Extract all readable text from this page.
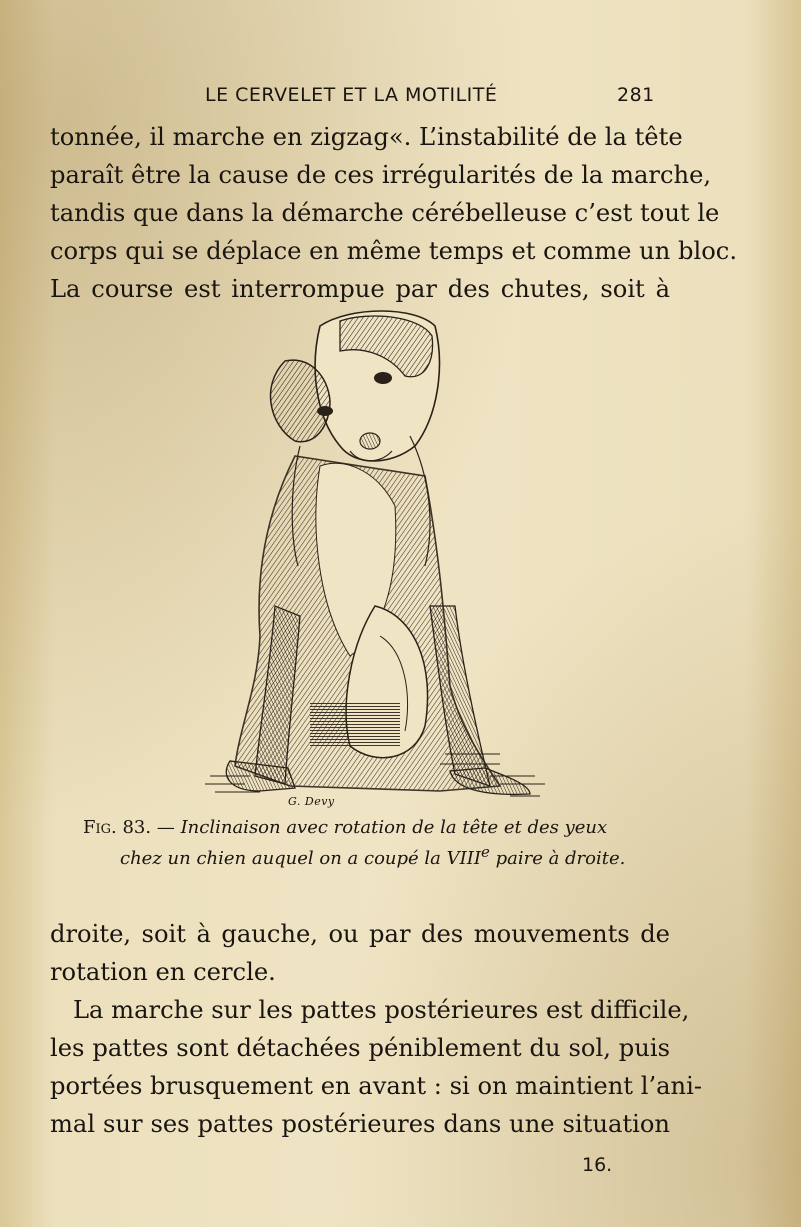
LE CERVELET ET LA MOTILITÉ	281

tonnée, il marche en zigzag«. L’instabilité de la tête
paraît être la cause de ces irrégularités de la marche,
tandis que dans la démarche cérébelleuse c’est tout le
corps qui se déplace en même temps et comme un bloc.
La course est interrompue par des chutes, soit à

G. Devy
Fig. 83. — Inclinaison avec rotation de la tête et des yeux
chez un chien auquel on a coupé la VIIIe paire à droite.

droite, soit à gauche, ou par des mouvements de
rotation en cercle.

La marche sur les pattes postérieures est difficile,
les pattes sont détachées péniblement du sol, puis
portées brusquement en avant : si on maintient l’ani-
mal sur ses pattes postérieures dans une situation

16.
